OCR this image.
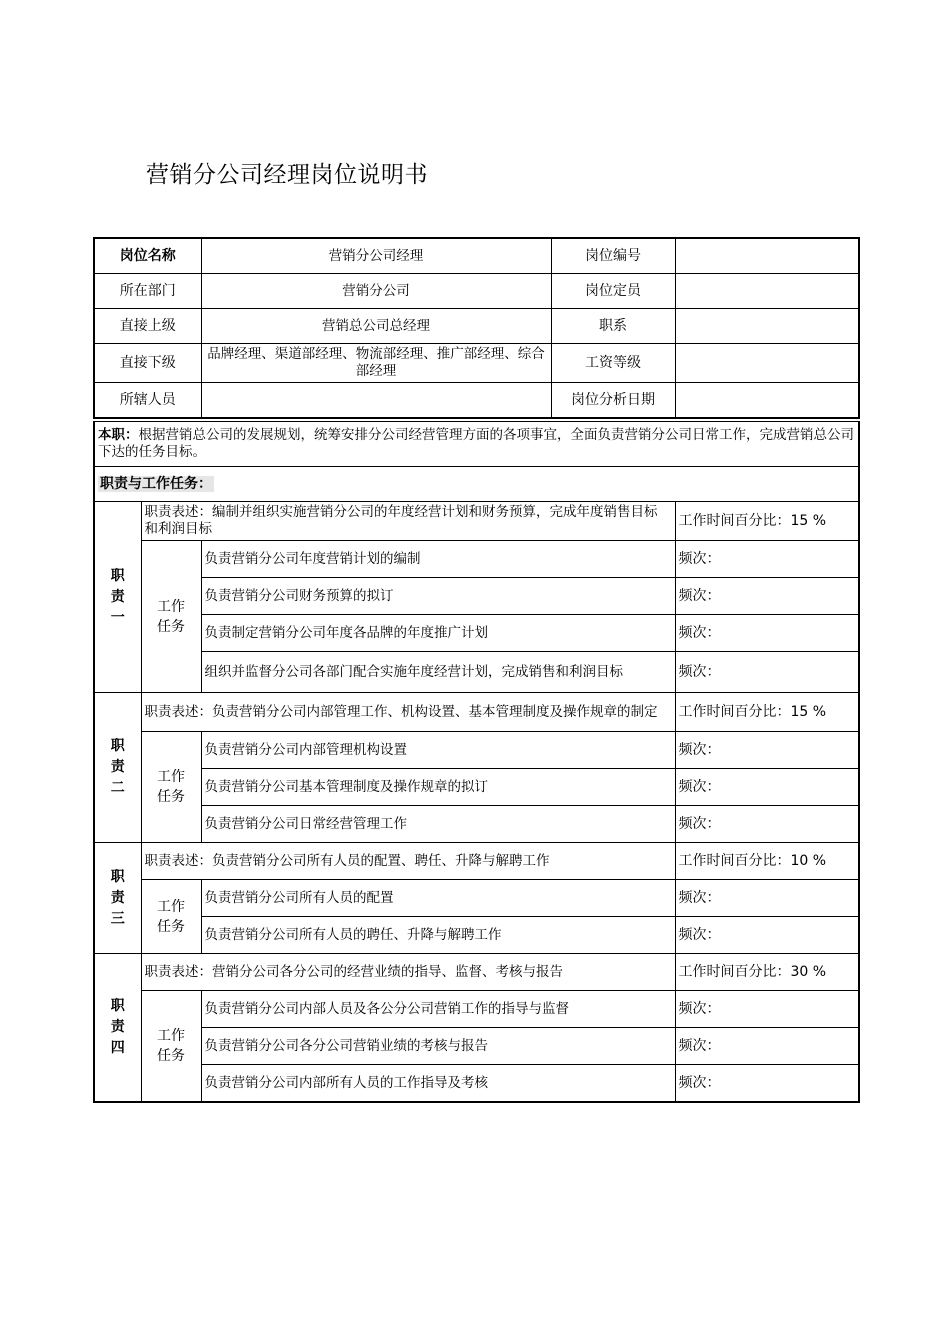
营销分公司经理岗位说明书
岗位名称	营销分公司经理	岗位编号	
所在部门	营销分公司	岗位定员	
直接上级	营销总公司总经理	职系	
直接下级	品牌经理、渠道部经理、物流部经理、推广部经理、综合部经理	工资等级	
所辖人员		岗位分析日期	
本职：根据营销总公司的发展规划，统筹安排分公司经营管理方面的各项事宜，全面负责营销分公司日常工作，完成营销总公司下达的任务目标。			
职责与工作任务：			
职责一	职责表述：编制并组织实施营销分公司的年度经营计划和财务预算，完成年度销售目标 和利润目标		工作时间百分比：15 %
	工作任务	负责营销分公司年度营销计划的编制	频次：
		负责营销分公司财务预算的拟订	频次：
		负责制定营销分公司年度各品牌的年度推广计划	频次：
		组织并监督分公司各部门配合实施年度经营计划，完成销售和利润目标	频次：
职责二	职责表述：负责营销分公司内部管理工作、机构设置、基本管理制度及操作规章的制定		工作时间百分比：15 %
	工作任务	负责营销分公司内部管理机构设置	频次：
		负责营销分公司基本管理制度及操作规章的拟订	频次：
		负责营销分公司日常经营管理工作	频次：
职责三	职责表述：负责营销分公司所有人员的配置、聘任、升降与解聘工作		工作时间百分比：10 %
	工作任务	负责营销分公司所有人员的配置	频次：
		负责营销分公司所有人员的聘任、升降与解聘工作	频次：
职责四	职责表述：营销分公司各分公司的经营业绩的指导、监督、考核与报告		工作时间百分比：30 %
	工作任务	负责营销分公司内部人员及各公分公司营销工作的指导与监督	频次：
		负责营销分公司各分公司营销业绩的考核与报告	频次：
		负责营销分公司内部所有人员的工作指导及考核	频次：
